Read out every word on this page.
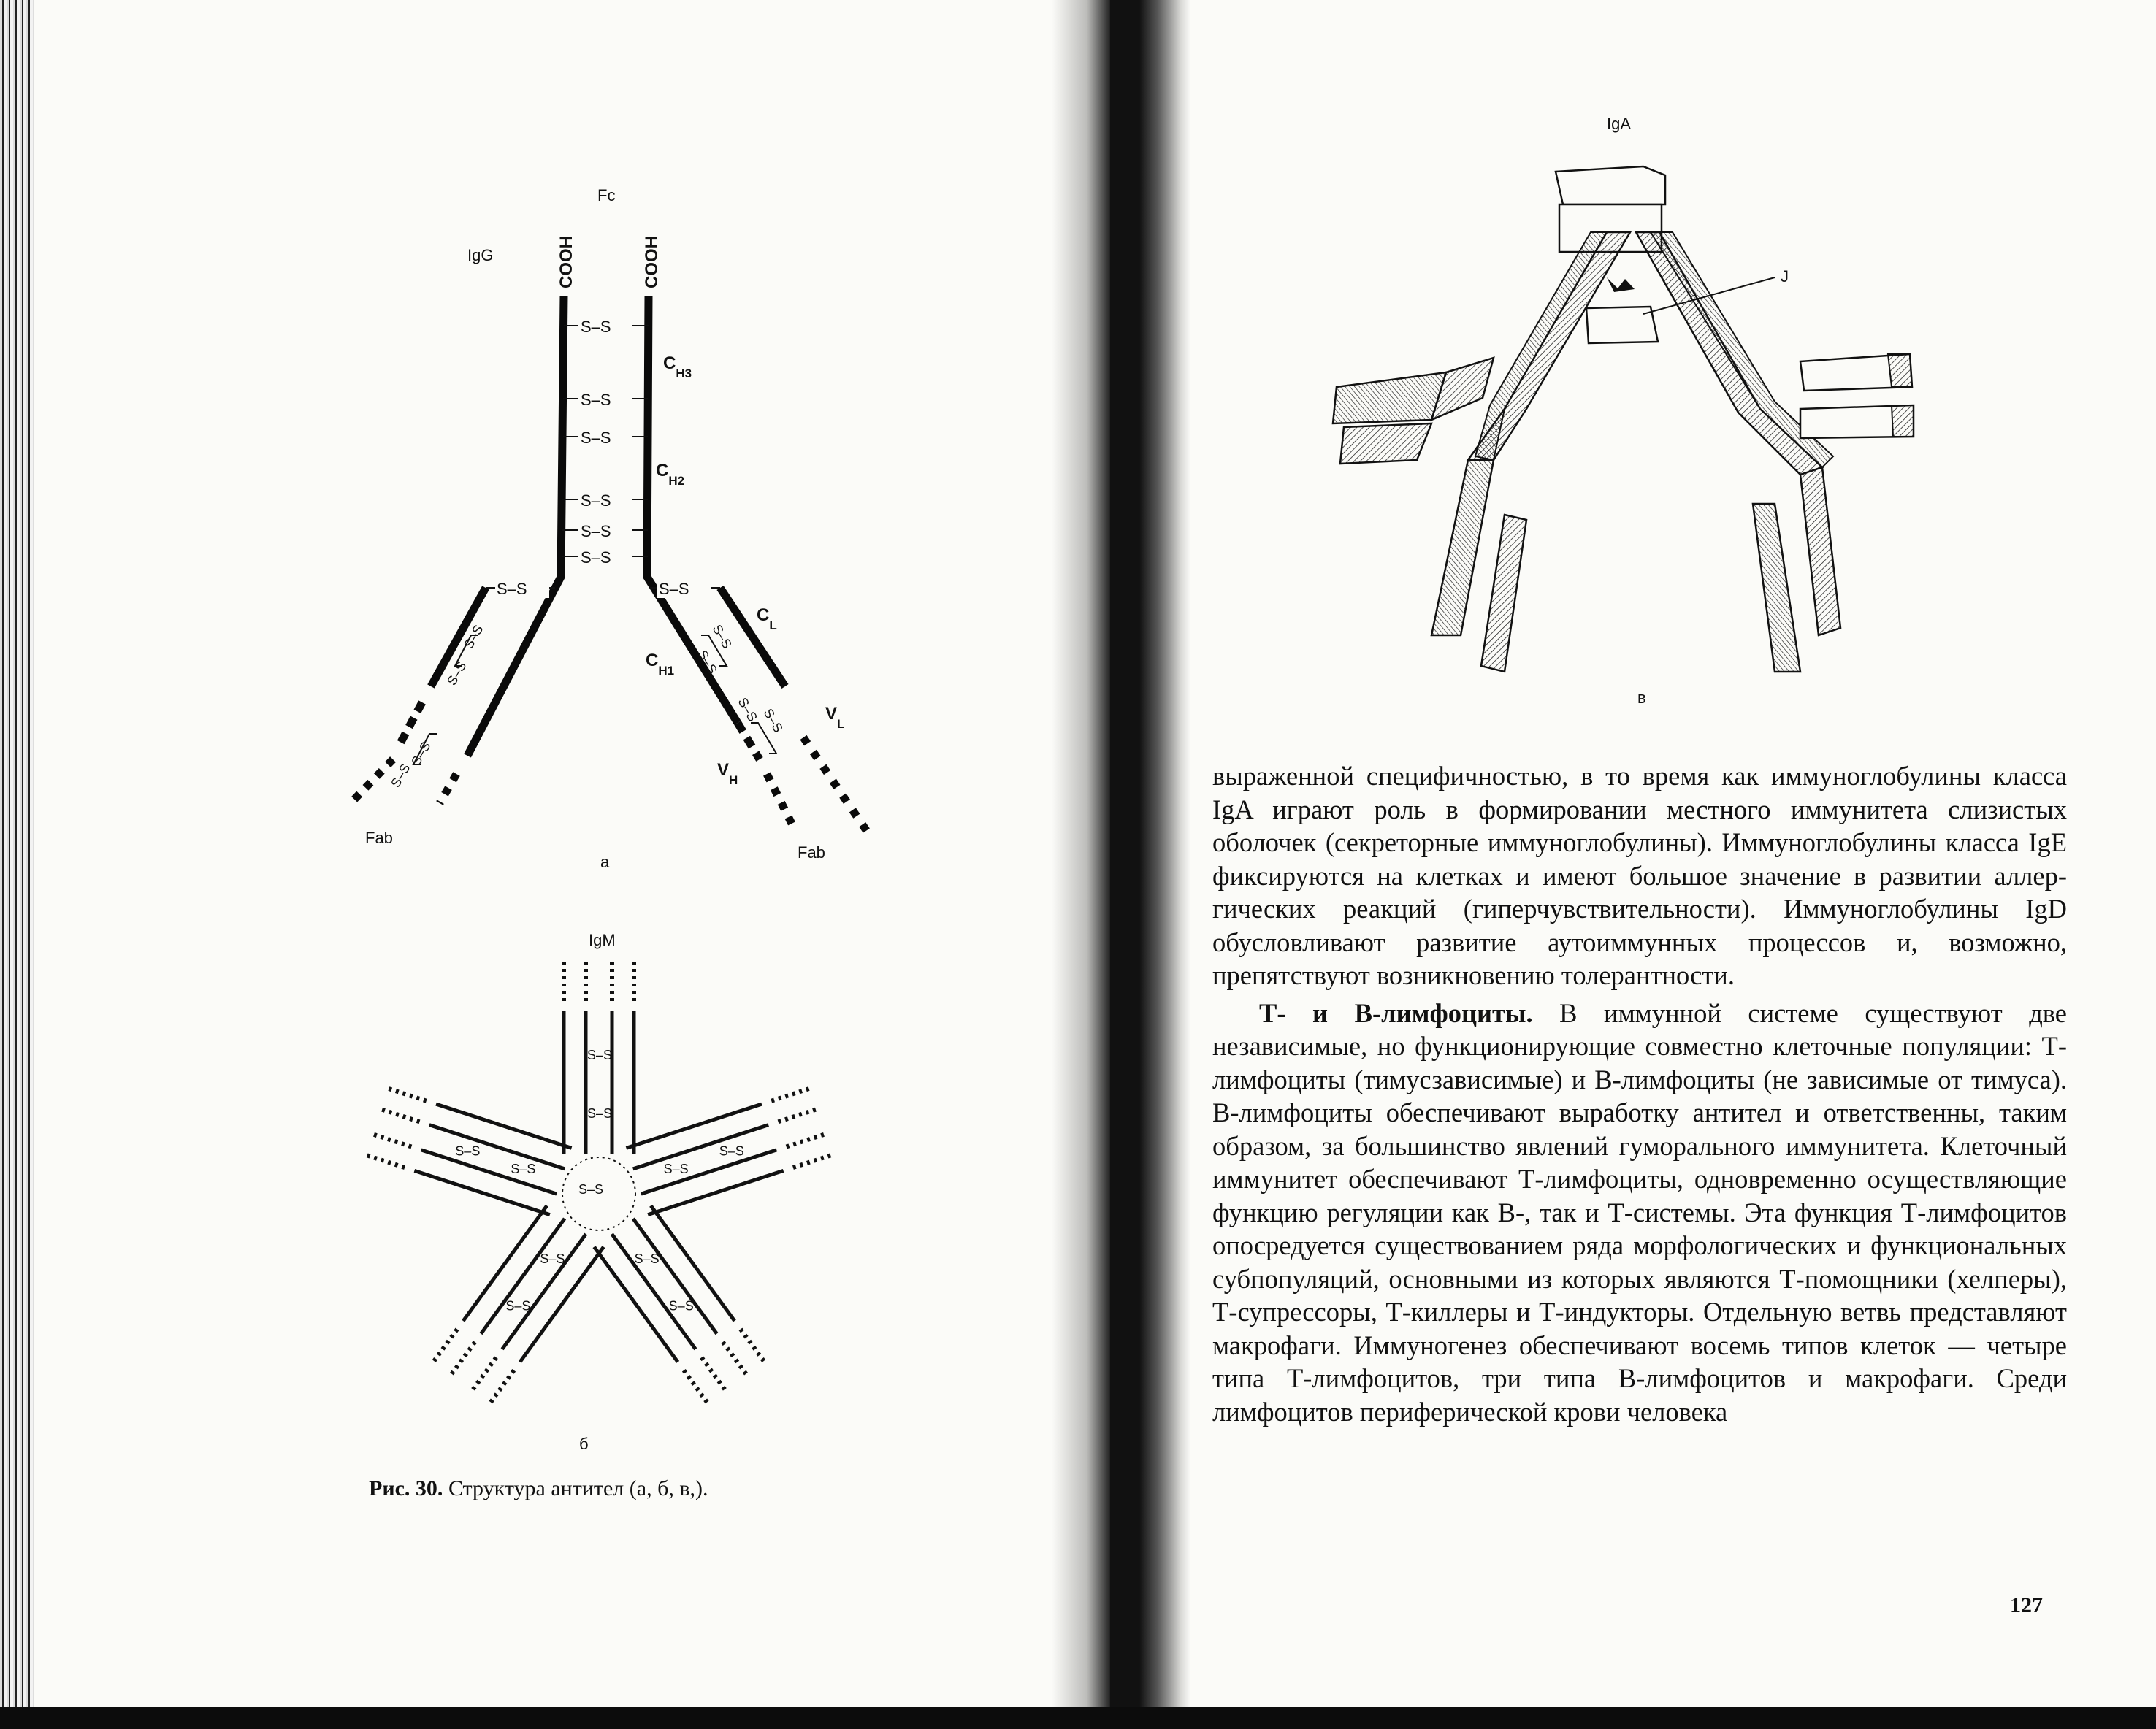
Fc
IgG	COOH	COOH
S–S
S–S
S–S
S–S
S–S
S–S
$C_{H3}$
$C_{H2}$
$C_{H1}$
$C_L$
$V_L$
$V_H$
S–S
S–S
S–S
S–S
S–S
S–S
S–S
S–S
S–S S–S
Fab
Fab
а
IgM
S–S
S–S
S–S
S–S
S–S
S–S
S–S
S–S
S–S
S–S
S–S
б
Рис. 30. Структура антител (а, б, в,).
IgA
J
в

выраженной специфичностью, в то время как иммуноглобулины класса IgA играют роль в формировании местного иммунитета слизистых оболочек (секреторные иммуноглобулины). Иммуноглобулины класса IgE фиксируются на клетках и имеют большое значение в развитии аллергических реакций (гиперчувствительности). Иммуноглобулины IgD обусловливают развитие аутоиммунных процессов и, возможно, препятствуют возникновению толерантности.

Т- и В-лимфоциты. В иммунной системе существуют две независимые, но функционирующие совместно клеточные популяции: Т-лимфоциты (тимусзависимые) и В-лимфоциты (не зависимые от тимуса). В-лимфоциты обеспечивают выработку антител и ответственны, таким образом, за большинство явлений гуморального иммунитета. Клеточный иммунитет обеспечивают Т-лимфоциты, одновременно осуществляющие функцию регуляции как В-, так и Т-системы. Эта функция Т-лимфоцитов опосредуется существованием ряда морфологических и функциональных субпопуляций, основными из которых являются Т-помощники (хелперы), Т-супрессоры, Т-киллеры и Т-индукторы. Отдельную ветвь представляют макрофаги. Иммуногенез обеспечивают восемь типов клеток — четыре типа Т-лимфоцитов, три типа В-лимфоцитов и макрофаги. Среди лимфоцитов периферической крови человека

127
